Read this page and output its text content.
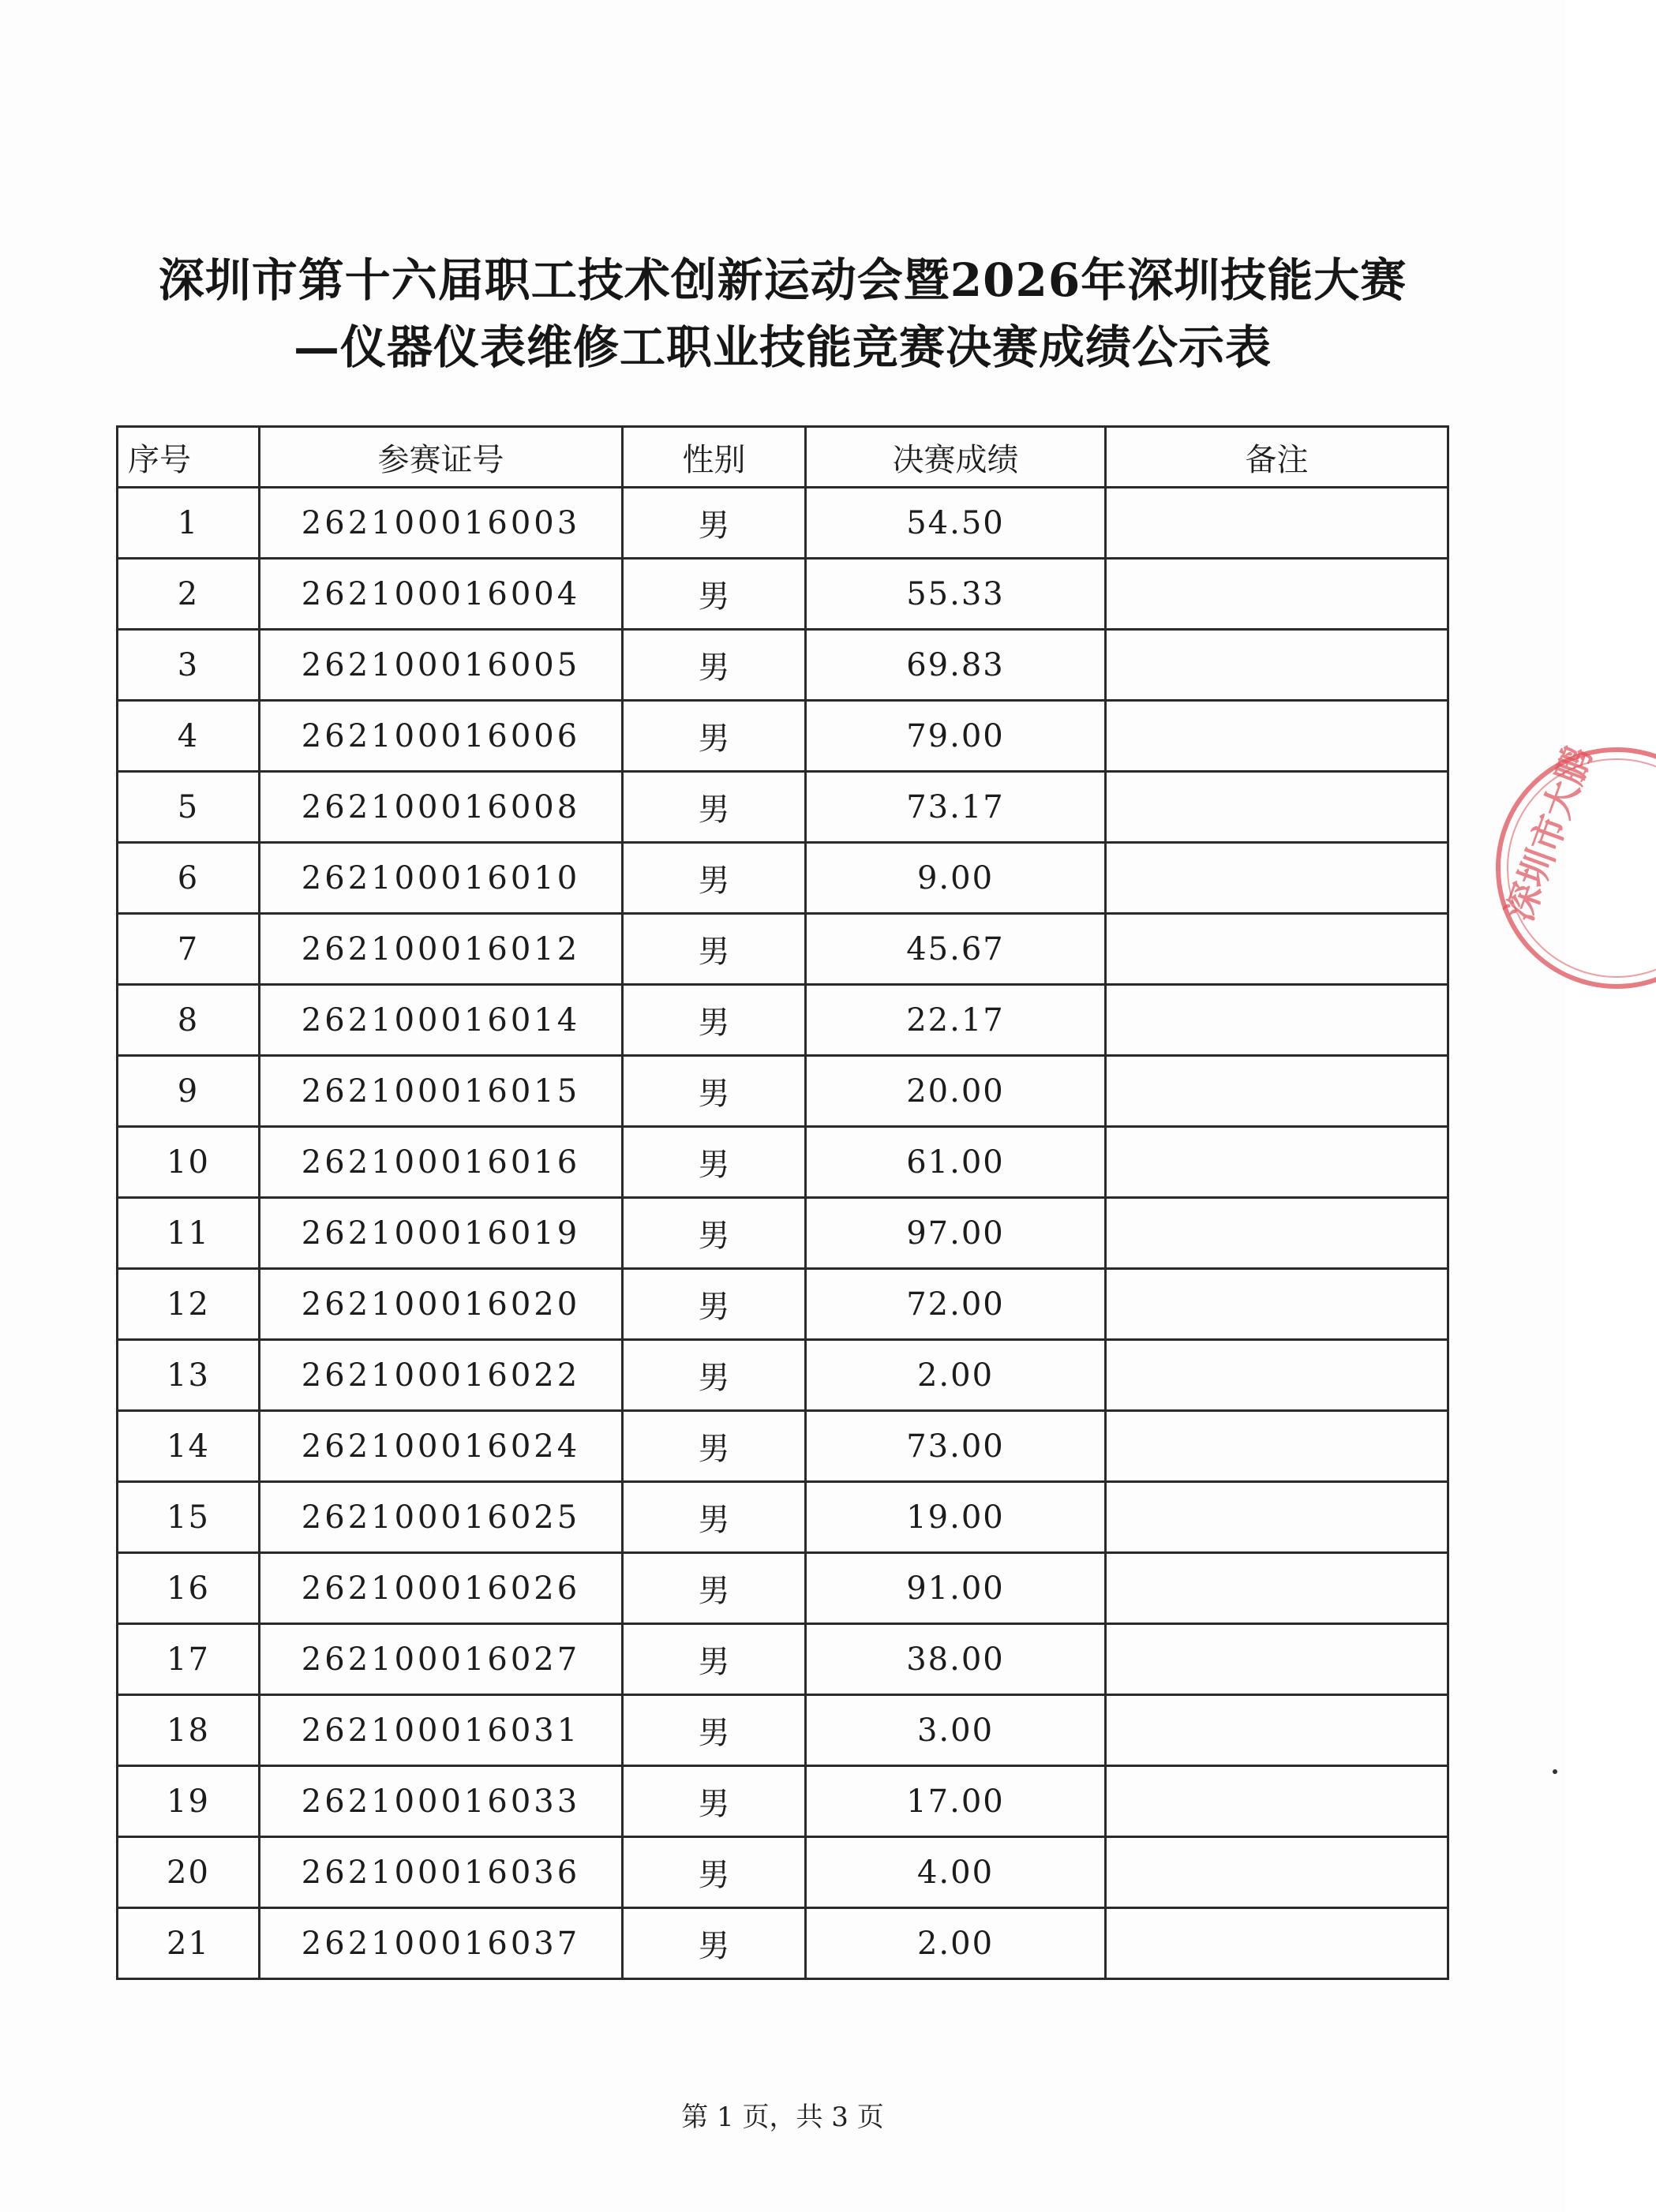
深圳市第十六届职工技术创新运动会暨2026年深圳技能大赛
—仪器仪表维修工职业技能竞赛决赛成绩公示表
序号	参赛证号	性别	决赛成绩	备注
1	262100016003	男	54.50	
2	262100016004	男	55.33	
3	262100016005	男	69.83	
4	262100016006	男	79.00	
5	262100016008	男	73.17	
6	262100016010	男	9.00	
7	262100016012	男	45.67	
8	262100016014	男	22.17	
9	262100016015	男	20.00	
10	262100016016	男	61.00	
11	262100016019	男	97.00	
12	262100016020	男	72.00	
13	262100016022	男	2.00	
14	262100016024	男	73.00	
15	262100016025	男	19.00	
16	262100016026	男	91.00	
17	262100016027	男	38.00	
18	262100016031	男	3.00	
19	262100016033	男	17.00	
20	262100016036	男	4.00	
21	262100016037	男	2.00	
第 1 页，共 3 页
深圳市大鹏
